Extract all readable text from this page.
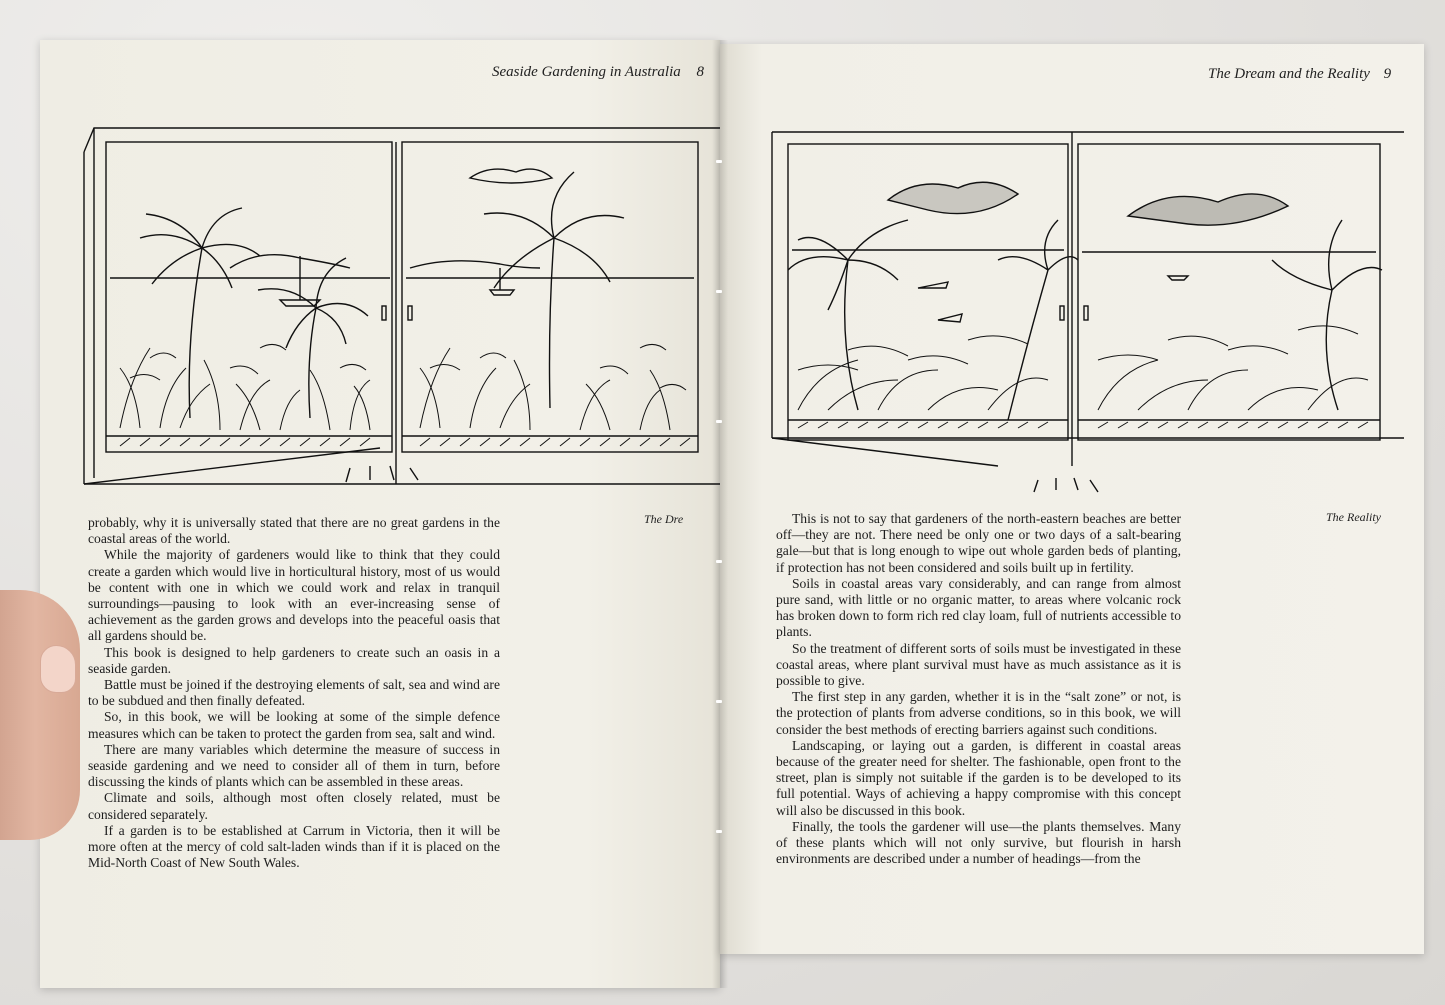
Seaside Gardening in Australia 8
The Dre

probably, why it is universally stated that there are no great gardens in the coastal areas of the world.

While the majority of gardeners would like to think that they could create a garden which would live in horticultural history, most of us would be content with one in which we could work and relax in tranquil surroundings—pausing to look with an ever-increasing sense of achievement as the garden grows and develops into the peaceful oasis that all gardens should be.

This book is designed to help gardeners to create such an oasis in a seaside garden.

Battle must be joined if the destroying elements of salt, sea and wind are to be subdued and then finally defeated.

So, in this book, we will be looking at some of the simple defence measures which can be taken to protect the garden from sea, salt and wind.

There are many variables which determine the measure of success in seaside gardening and we need to consider all of them in turn, before discussing the kinds of plants which can be assembled in these areas.

Climate and soils, although most often closely related, must be considered separately.

If a garden is to be established at Carrum in Victoria, then it will be more often at the mercy of cold salt-laden winds than if it is placed on the Mid-North Coast of New South Wales.

The Dream and the Reality 9
The Reality

This is not to say that gardeners of the north-eastern beaches are better off—they are not. There need be only one or two days of a salt-bearing gale—but that is long enough to wipe out whole garden beds of planting, if protection has not been considered and soils built up in fertility.

Soils in coastal areas vary considerably, and can range from almost pure sand, with little or no organic matter, to areas where volcanic rock has broken down to form rich red clay loam, full of nutrients accessible to plants.

So the treatment of different sorts of soils must be investigated in these coastal areas, where plant survival must have as much assistance as it is possible to give.

The first step in any garden, whether it is in the “salt zone” or not, is the protection of plants from adverse conditions, so in this book, we will consider the best methods of erecting barriers against such conditions.

Landscaping, or laying out a garden, is different in coastal areas because of the greater need for shelter. The fashionable, open front to the street, plan is simply not suitable if the garden is to be developed to its full potential. Ways of achieving a happy compromise with this concept will also be discussed in this book.

Finally, the tools the gardener will use—the plants themselves. Many of these plants which will not only survive, but flourish in harsh environments are described under a number of headings—from the
